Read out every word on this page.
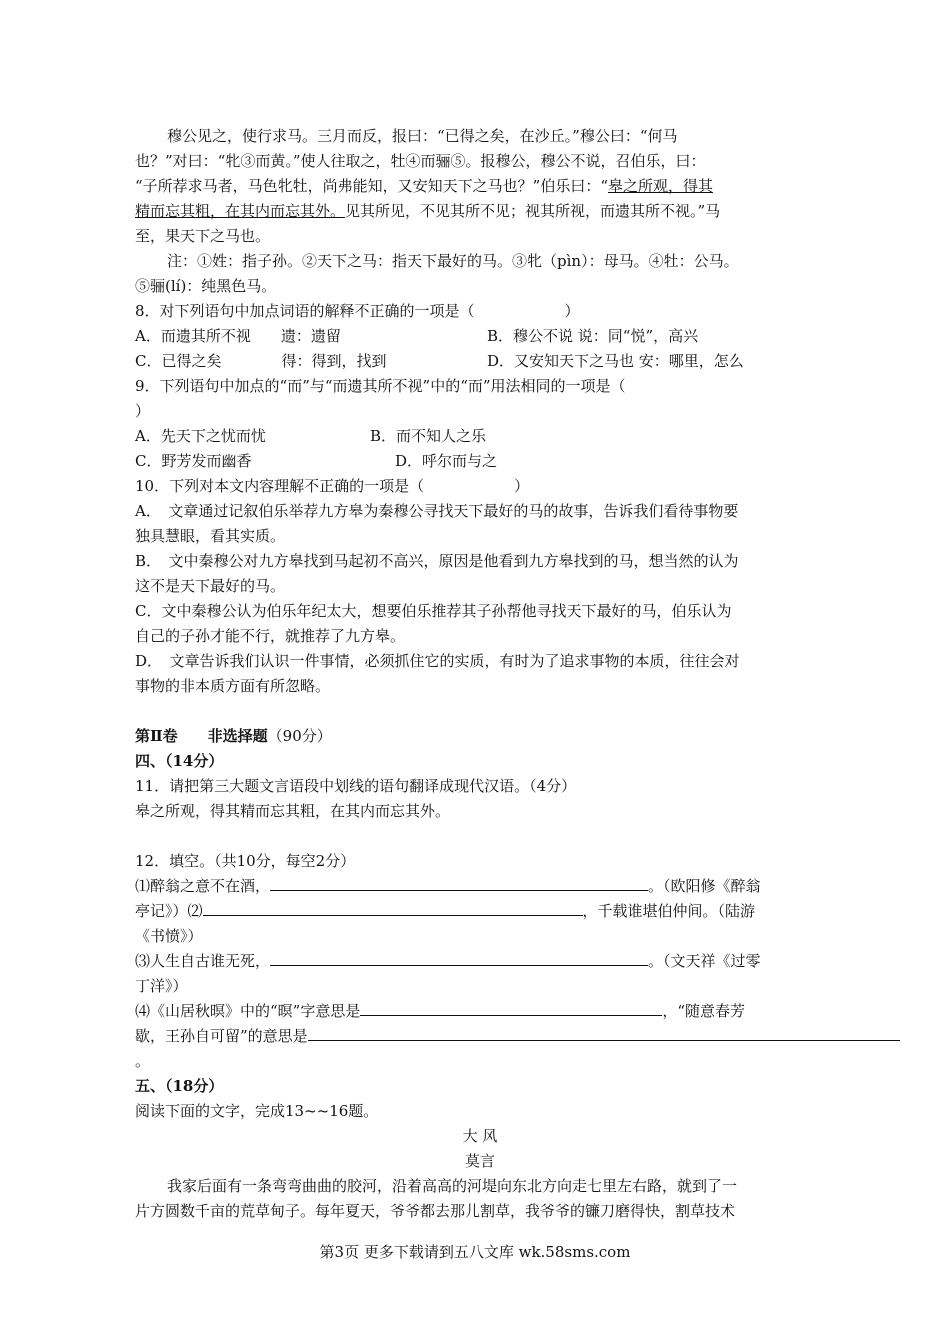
穆公见之，使行求马。三月而反，报曰：“已得之矣，在沙丘。”穆公曰：“何马
也？”对曰：“牝③而黄。”使人往取之，牡④而骊⑤。报穆公，穆公不说，召伯乐，曰：
“子所荐求马者，马色牝牡，尚弗能知，又安知天下之马也？”伯乐曰：“皋之所观，得其
精而忘其粗，在其内而忘其外。见其所见，不见其所不见；视其所视，而遗其所不视。”马
至，果天下之马也。
注：①姓：指子孙。②天下之马：指天下最好的马。③牝（pìn）：母马。④牡：公马。
⑤骊(lí)：纯黑色马。
8．对下列语句中加点词语的解释不正确的一项是（　　　　　　）
A．而遗其所不视　　遗：遗留	B．穆公不说 说：同“悦”，高兴
C．已得之矣　　　　得：得到，找到	D．又安知天下之马也 安：哪里，怎么
9．下列语句中加点的“而”与“而遗其所不视”中的“而”用法相同的一项是（
）
A．先天下之忧而忧	B．而不知人之乐
C．野芳发而幽香	D．呼尔而与之
10．下列对本文内容理解不正确的一项是（　　　　　　）
A．　文章通过记叙伯乐举荐九方皋为秦穆公寻找天下最好的马的故事，告诉我们看待事物要
独具慧眼，看其实质。
B．　文中秦穆公对九方皋找到马起初不高兴，原因是他看到九方皋找到的马，想当然的认为
这不是天下最好的马。
C．文中秦穆公认为伯乐年纪太大，想要伯乐推荐其子孙帮他寻找天下最好的马，伯乐认为
自己的子孙才能不行，就推荐了九方皋。
D．　文章告诉我们认识一件事情，必须抓住它的实质，有时为了追求事物的本质，往往会对
事物的非本质方面有所忽略。
第Ⅱ卷　　非选择题（90分）
四、（14分）
11．请把第三大题文言语段中划线的语句翻译成现代汉语。（4分）
皋之所观，得其精而忘其粗，在其内而忘其外。
12．填空。（共10分，每空2分）
⑴醉翁之意不在酒，	。（欧阳修《醉翁
亭记》）⑵	，千载谁堪伯仲间。（陆游
《书愤》）
⑶人生自古谁无死，	。（文天祥《过零
丁洋》）
⑷《山居秋暝》中的“暝”字意思是	，“随意春芳
歇，王孙自可留”的意思是
。
五、（18分）
阅读下面的文字，完成13~~16题。
大 风
莫言
我家后面有一条弯弯曲曲的胶河，沿着高高的河堤向东北方向走七里左右路，就到了一
片方圆数千亩的荒草甸子。每年夏天，爷爷都去那儿割草，我爷爷的镰刀磨得快，割草技术
第3页 更多下载请到五八文库 wk.58sms.com
